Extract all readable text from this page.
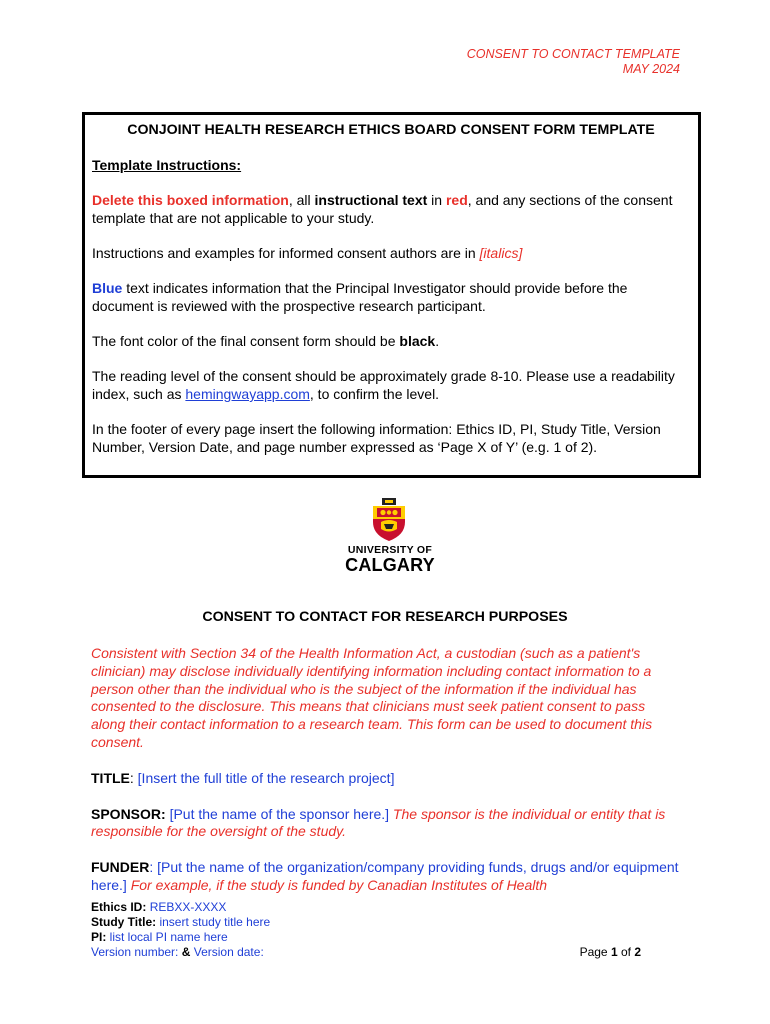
CONSENT TO CONTACT TEMPLATE
MAY 2024
CONJOINT HEALTH RESEARCH ETHICS BOARD CONSENT FORM TEMPLATE

Template Instructions:

Delete this boxed information, all instructional text in red, and any sections of the consent template that are not applicable to your study.

Instructions and examples for informed consent authors are in [italics]

Blue text indicates information that the Principal Investigator should provide before the document is reviewed with the prospective research participant.

The font color of the final consent form should be black.

The reading level of the consent should be approximately grade 8-10. Please use a readability index, such as hemingwayapp.com, to confirm the level.

In the footer of every page insert the following information: Ethics ID, PI, Study Title, Version Number, Version Date, and page number expressed as ‘Page X of Y’ (e.g. 1 of 2).

UNIVERSITY OF
CALGARY
CONSENT TO CONTACT FOR RESEARCH PURPOSES

Consistent with Section 34 of the Health Information Act, a custodian (such as a patient's clinician) may disclose individually identifying information including contact information to a person other than the individual who is the subject of the information if the individual has consented to the disclosure. This means that clinicians must seek patient consent to pass along their contact information to a research team. This form can be used to document this consent.

TITLE: [Insert the full title of the research project]

SPONSOR: [Put the name of the sponsor here.] The sponsor is the individual or entity that is responsible for the oversight of the study.

FUNDER: [Put the name of the organization/company providing funds, drugs and/or equipment here.] For example, if the study is funded by Canadian Institutes of Health

Ethics ID: REBXX-XXXX
Study Title: insert study title here
PI: list local PI name here
Version number: & Version date:	Page 1 of 2
